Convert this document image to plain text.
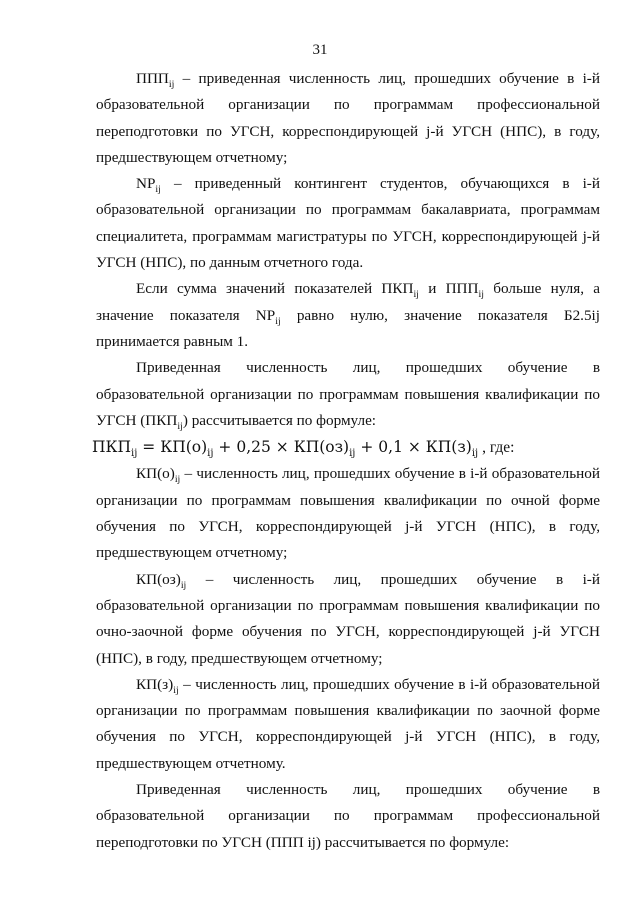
31

$ППП_{ij}$ – приведенная численность лиц, прошедших обучение в i-й образовательной организации по программам профессиональной переподготовки по УГСН, корреспондирующей j-й УГСН (НПС), в году, предшествующем отчетному;

$NP_{ij}$ – приведенный контингент студентов, обучающихся в i-й образовательной организации по программам бакалавриата, программам специалитета, программам магистратуры по УГСН, корреспондирующей j-й УГСН (НПС), по данным отчетного года.

Если сумма значений показателей $ПКП_{ij}$ и $ППП_{ij}$ больше нуля, а значение показателя $NP_{ij}$ равно нулю, значение показателя Б2.5ij принимается равным 1.

Приведенная численность лиц, прошедших обучение в образовательной организации по программам повышения квалификации по УГСН $(ПКП_{ij})$ рассчитывается по формуле:

$ПКП_{ij} = КП(о)_{ij} + 0,25 \times КП(оз)_{ij} + 0,1 \times КП(з)_{ij}$ , где:

$КП(о)_{ij}$ – численность лиц, прошедших обучение в i-й образовательной организации по программам повышения квалификации по очной форме обучения по УГСН, корреспондирующей j-й УГСН (НПС), в году, предшествующем отчетному;

$КП(оз)_{ij}$ – численность лиц, прошедших обучение в i-й образовательной организации по программам повышения квалификации по очно-заочной форме обучения по УГСН, корреспондирующей j-й УГСН (НПС), в году, предшествующем отчетному;

$КП(з)_{ij}$ – численность лиц, прошедших обучение в i-й образовательной организации по программам повышения квалификации по заочной форме обучения по УГСН, корреспондирующей j-й УГСН (НПС), в году, предшествующем отчетному.

Приведенная численность лиц, прошедших обучение в образовательной организации по программам профессиональной переподготовки по УГСН (ППП ij) рассчитывается по формуле:
